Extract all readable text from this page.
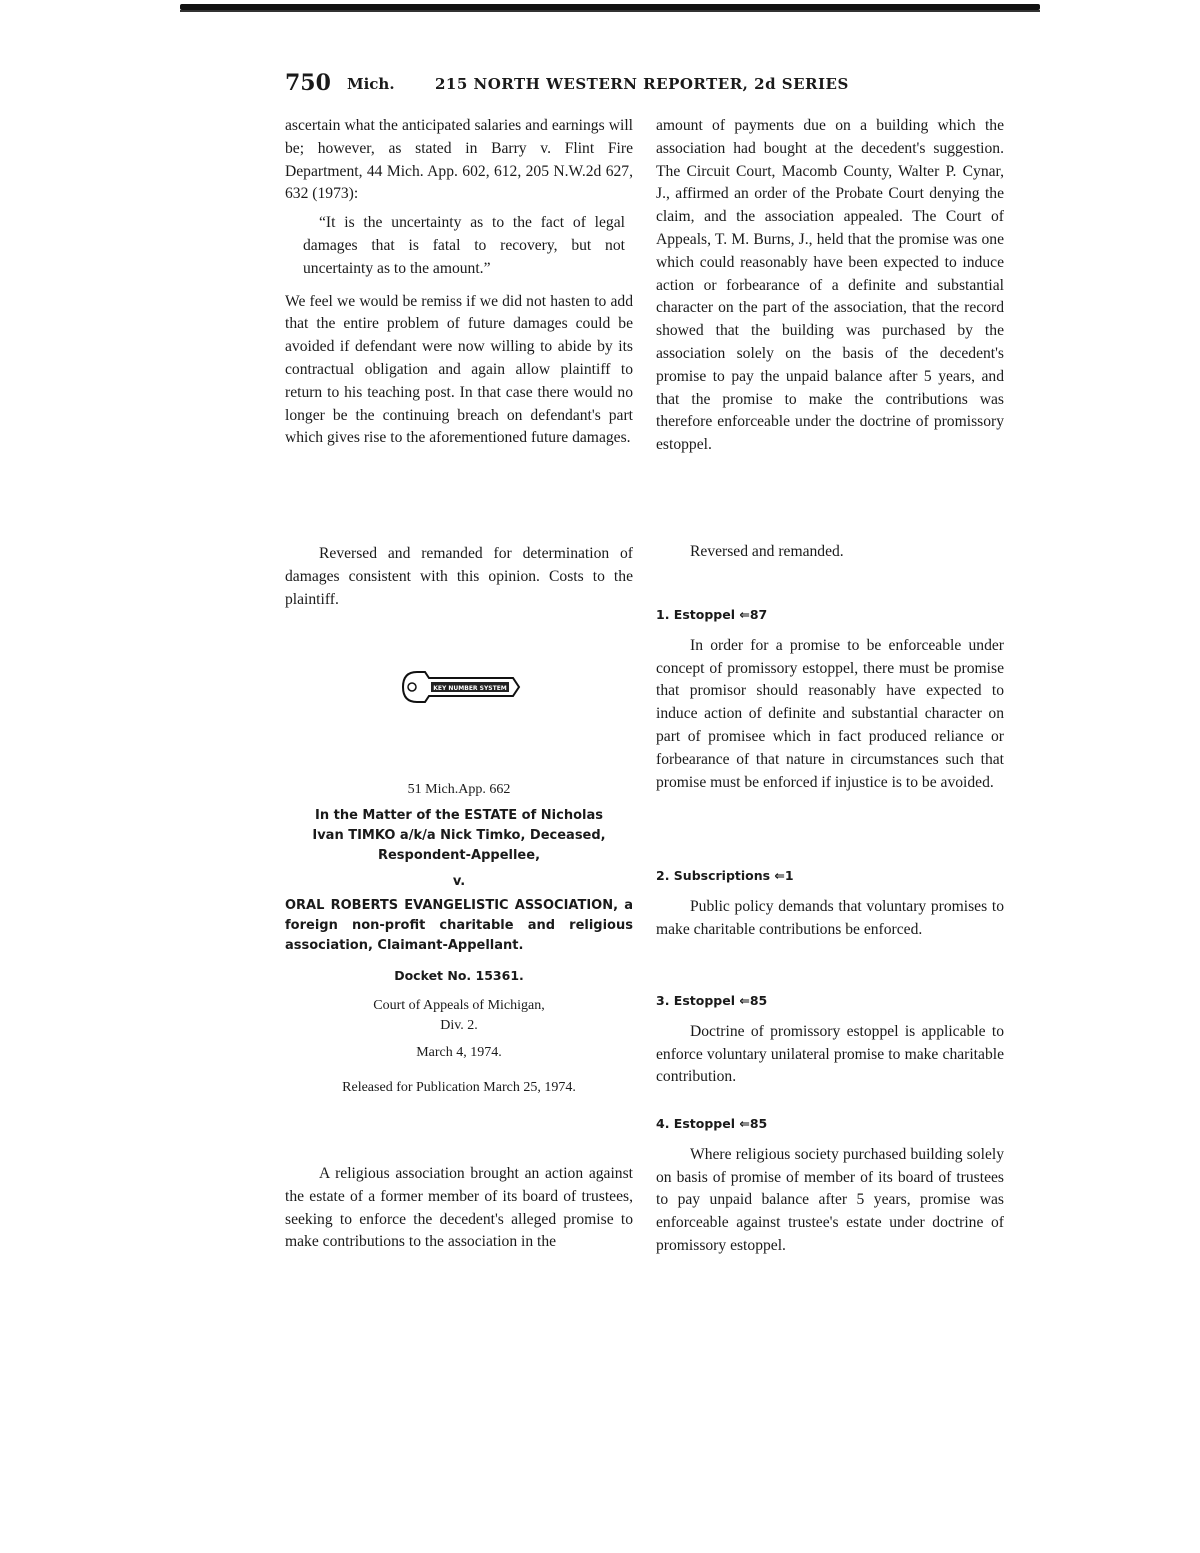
750 Mich.	215 NORTH WESTERN REPORTER, 2d SERIES

ascertain what the anticipated salaries and earnings will be; however, as stated in Barry v. Flint Fire Department, 44 Mich. App. 602, 612, 205 N.W.2d 627, 632 (1973):

“It is the uncertainty as to the fact of legal damages that is fatal to recovery, but not uncertainty as to the amount.”

We feel we would be remiss if we did not hasten to add that the entire problem of future damages could be avoided if defendant were now willing to abide by its contractual obligation and again allow plaintiff to return to his teaching post. In that case there would no longer be the continuing breach on defendant's part which gives rise to the aforementioned future damages.

Reversed and remanded for determination of damages consistent with this opinion. Costs to the plaintiff.

KEY NUMBER SYSTEM
51 Mich.App. 662
In the Matter of the ESTATE of Nicholas Ivan TIMKO a/k/a Nick Timko, Deceased, Respondent-Appellee,
v.
ORAL ROBERTS EVANGELISTIC ASSOCIATION, a foreign non-profit charitable and religious association, Claimant-Appellant.
Docket No. 15361.
Court of Appeals of Michigan,
Div. 2.
March 4, 1974.
Released for Publication March 25, 1974.

A religious association brought an action against the estate of a former member of its board of trustees, seeking to enforce the decedent's alleged promise to make contributions to the association in the

amount of payments due on a building which the association had bought at the decedent's suggestion. The Circuit Court, Macomb County, Walter P. Cynar, J., affirmed an order of the Probate Court denying the claim, and the association appealed. The Court of Appeals, T. M. Burns, J., held that the promise was one which could reasonably have been expected to induce action or forbearance of a definite and substantial character on the part of the association, that the record showed that the building was purchased by the association solely on the basis of the decedent's promise to pay the unpaid balance after 5 years, and that the promise to make the contributions was therefore enforceable under the doctrine of promissory estoppel.

Reversed and remanded.

1. Estoppel ⇐87

In order for a promise to be enforceable under concept of promissory estoppel, there must be promise that promisor should reasonably have expected to induce action of definite and substantial character on part of promisee which in fact produced reliance or forbearance of that nature in circumstances such that promise must be enforced if injustice is to be avoided.

2. Subscriptions ⇐1

Public policy demands that voluntary promises to make charitable contributions be enforced.

3. Estoppel ⇐85

Doctrine of promissory estoppel is applicable to enforce voluntary unilateral promise to make charitable contribution.

4. Estoppel ⇐85

Where religious society purchased building solely on basis of promise of member of its board of trustees to pay unpaid balance after 5 years, promise was enforceable against trustee's estate under doctrine of promissory estoppel.
